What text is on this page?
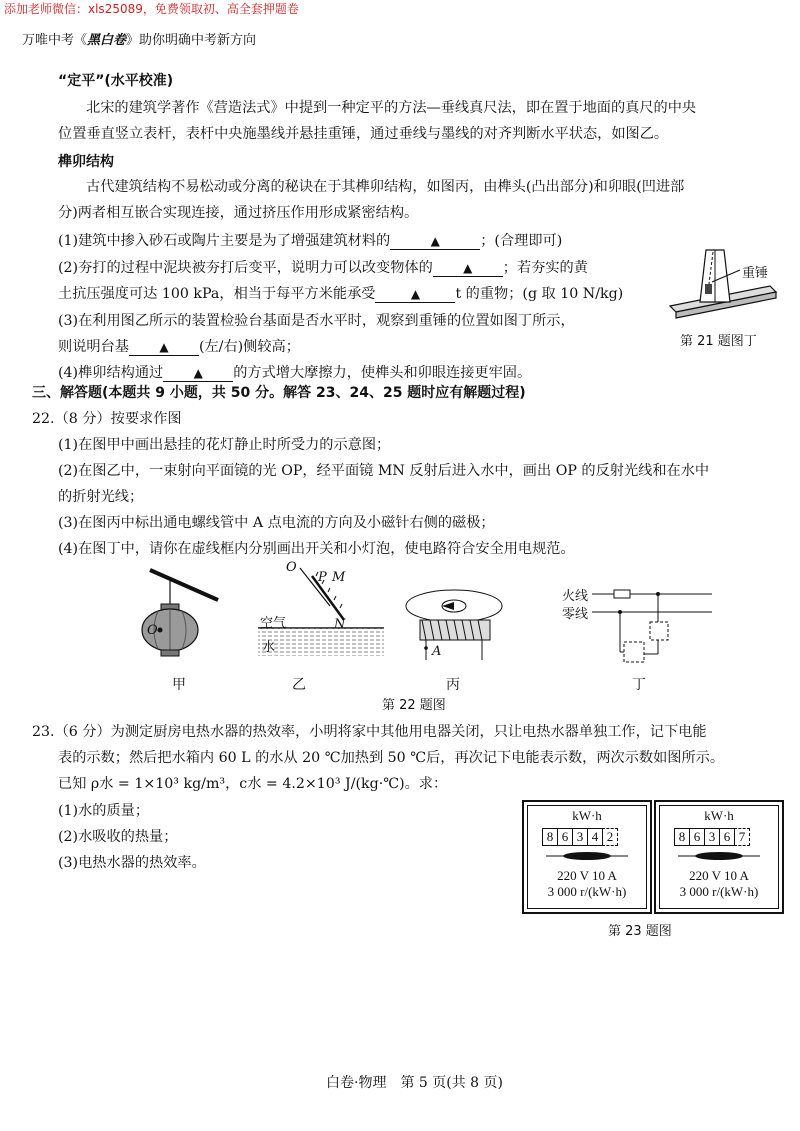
添加老师微信：xls25089，免费领取初、高全套押题卷
万唯中考《黑白卷》助你明确中考新方向
“定平”(水平校准)
北宋的建筑学著作《营造法式》中提到一种定平的方法—垂线真尺法，即在置于地面的真尺的中央
位置垂直竖立表杆，表杆中央施墨线并悬挂重锤，通过垂线与墨线的对齐判断水平状态，如图乙。
榫卯结构
古代建筑结构不易松动或分离的秘诀在于其榫卯结构，如图丙，由榫头(凸出部分)和卯眼(凹进部
分)两者相互嵌合实现连接，通过挤压作用形成紧密结构。
(1)建筑中掺入砂石或陶片主要是为了增强建筑材料的	▲	；(合理即可)
(2)夯打的过程中泥块被夯打后变平，说明力可以改变物体的	▲ ；若夯实的黄
土抗压强度可达 100 kPa，相当于每平方米能承受	▲ t 的重物；(g 取 10 N/kg)
(3)在利用图乙所示的装置检验台基面是否水平时，观察到重锤的位置如图丁所示，
则说明台基	▲ (左/右)侧较高；
(4)榫卯结构通过	▲ 的方式增大摩擦力，使榫头和卯眼连接更牢固。
重锤
第 21 题图丁
三、解答题(本题共 9 小题，共 50 分。解答 23、24、25 题时应有解题过程)
22.（8 分）按要求作图
(1)在图甲中画出悬挂的花灯静止时所受力的示意图；
(2)在图乙中，一束射向平面镜的光 OP，经平面镜 MN 反射后进入水中，画出 OP 的反射光线和在水中
的折射光线；
(3)在图丙中标出通电螺线管中 A 点电流的方向及小磁针右侧的磁极；
(4)在图丁中，请你在虚线框内分别画出开关和小灯泡，使电路符合安全用电规范。
O
O
P M
N
空气
水	A
火线
零线
甲	乙	丙	丁
第 22 题图
23.（6 分）为测定厨房电热水器的热效率，小明将家中其他用电器关闭，只让电热水器单独工作，记下电能
表的示数；然后把水箱内 60 L 的水从 20 ℃加热到 50 ℃后，再次记下电能表示数，两次示数如图所示。
已知 ρ水 = 1×10³ kg/m³，c水 = 4.2×10³ J/(kg·℃)。求：
(1)水的质量；
(2)水吸收的热量；
(3)电热水器的热效率。
kW·h
8 6 3 4 2
220 V 10 A
3 000 r/(kW·h)
kW·h
8 6 3 6 7
220 V 10 A
3 000 r/(kW·h)
第 23 题图
白卷·物理　第 5 页(共 8 页)
